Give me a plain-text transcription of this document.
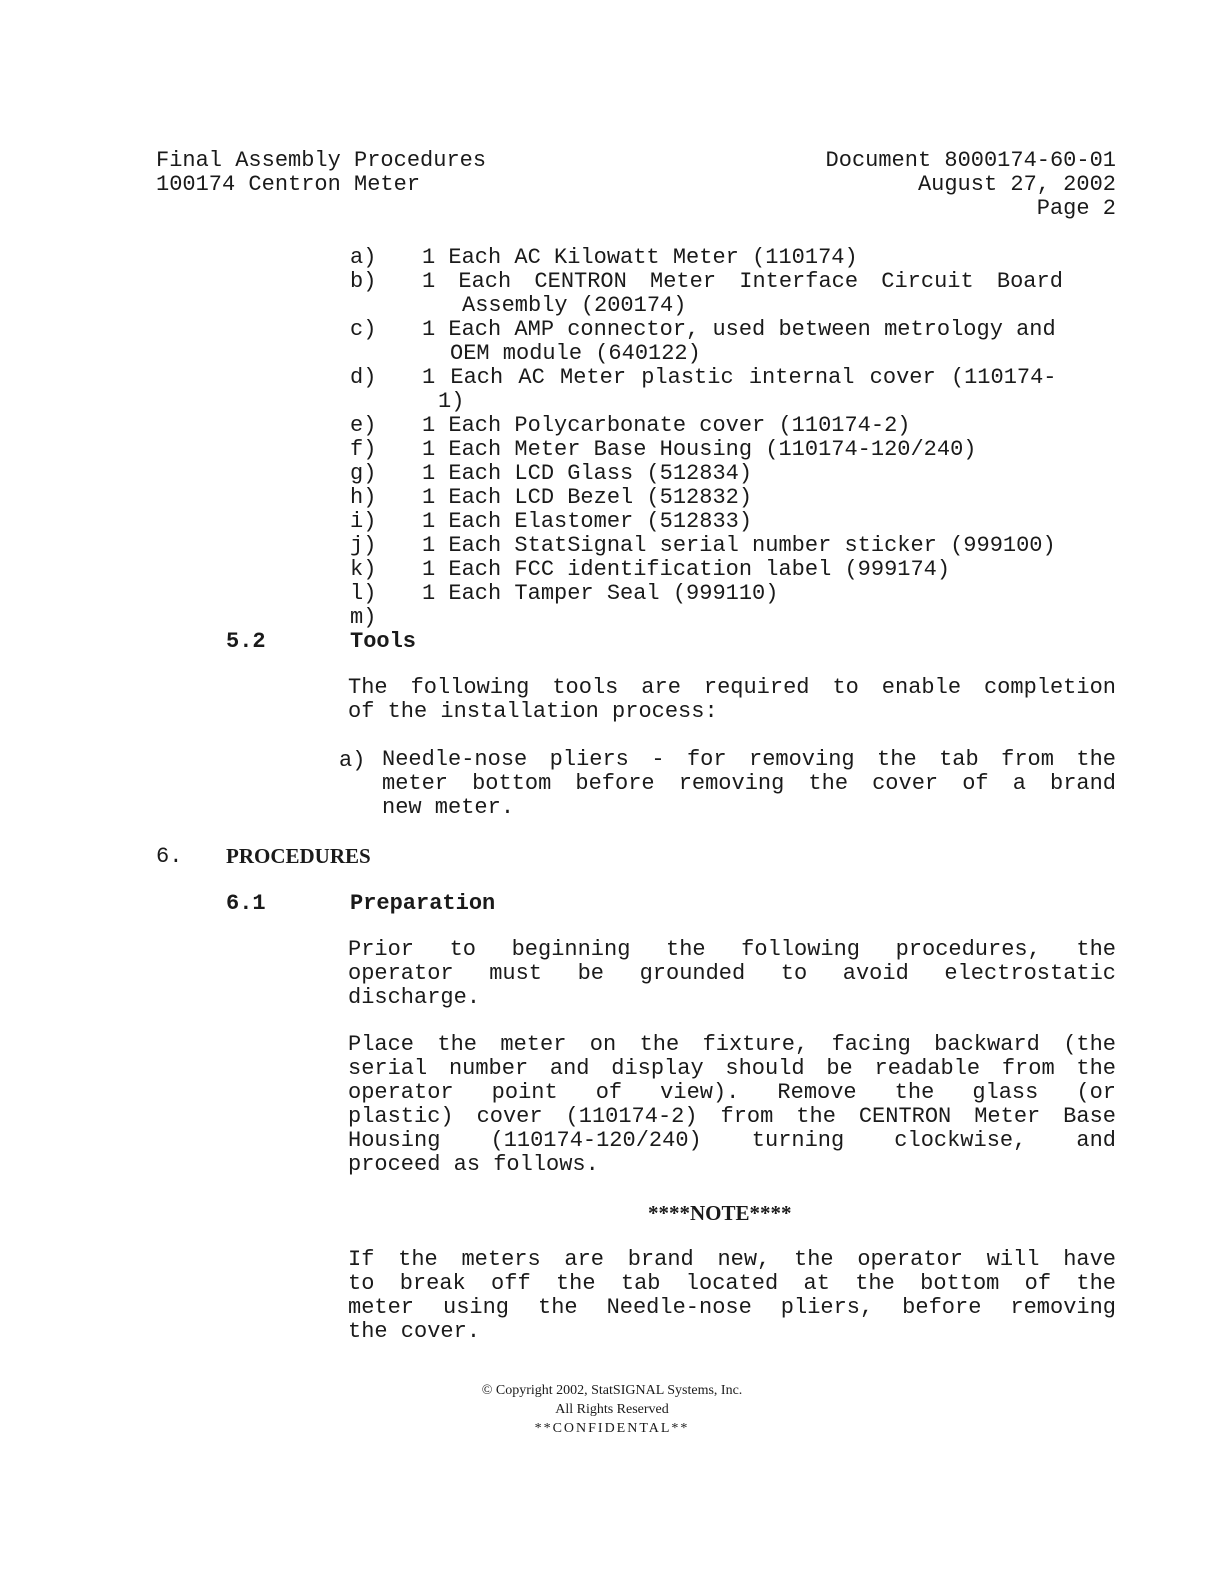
Final Assembly Procedures
100174 Centron Meter
Document 8000174-60-01
August 27, 2002
Page 2
a) 1 Each AC Kilowatt Meter (110174)
b) 1 Each CENTRON Meter Interface Circuit Board
Assembly (200174)
c) 1 Each AMP connector, used between metrology and
OEM module (640122)
d) 1 Each AC Meter plastic internal cover (110174-
1)
e) 1 Each Polycarbonate cover (110174-2)
f) 1 Each Meter Base Housing (110174-120/240)
g) 1 Each LCD Glass (512834)
h) 1 Each LCD Bezel (512832)
i) 1 Each Elastomer (512833)
j) 1 Each StatSignal serial number sticker (999100)
k) 1 Each FCC identification label (999174)
l) 1 Each Tamper Seal (999110)
m)
5.2	Tools
The following tools are required to enable completion
of the installation process:
a) Needle-nose pliers - for removing the tab from the
meter bottom before removing the cover of a brand
new meter.
6. PROCEDURES
6.1	Preparation
Prior to beginning the following procedures, the
operator must be grounded to avoid electrostatic
discharge.
Place the meter on the fixture, facing backward (the
serial number and display should be readable from the
operator point of view). Remove the glass (or
plastic) cover (110174-2) from the CENTRON Meter Base
Housing (110174-120/240) turning clockwise, and
proceed as follows.
****NOTE****
If the meters are brand new, the operator will have
to break off the tab located at the bottom of the
meter using the Needle-nose pliers, before removing
the cover.
© Copyright 2002, StatSIGNAL Systems, Inc.
All Rights Reserved
**CONFIDENTAL**
